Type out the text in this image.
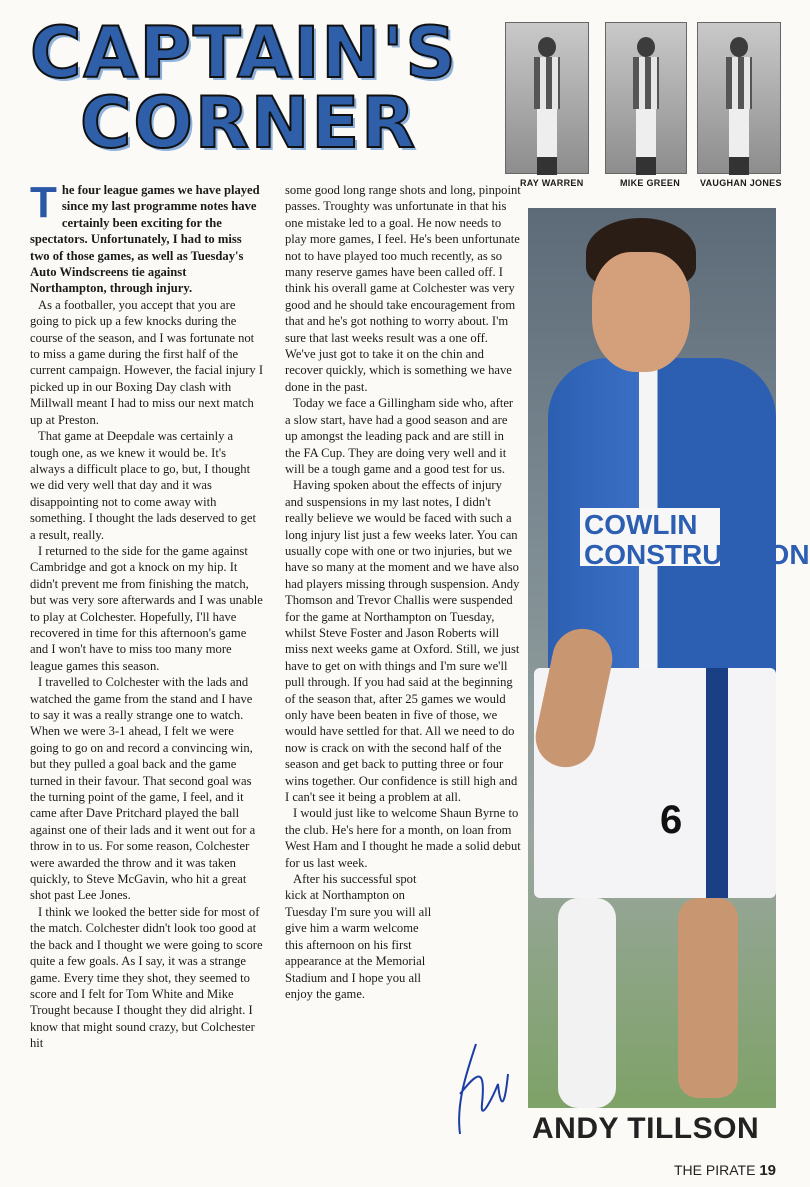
CAPTAIN'S
CORNER
RAY WARREN	MIKE GREEN VAUGHAN JONES

The four league games we have played since my last programme notes have certainly been exciting for the spectators. Unfortunately, I had to miss two of those games, as well as Tuesday's Auto Windscreens tie against Northampton, through injury.

As a footballer, you accept that you are going to pick up a few knocks during the course of the season, and I was fortunate not to miss a game during the first half of the current campaign. However, the facial injury I picked up in our Boxing Day clash with Millwall meant I had to miss our next match up at Preston.

That game at Deepdale was certainly a tough one, as we knew it would be. It's always a difficult place to go, but, I thought we did very well that day and it was disappointing not to come away with something. I thought the lads deserved to get a result, really.

I returned to the side for the game against Cambridge and got a knock on my hip. It didn't prevent me from finishing the match, but was very sore afterwards and I was unable to play at Colchester. Hopefully, I'll have recovered in time for this afternoon's game and I won't have to miss too many more league games this season.

I travelled to Colchester with the lads and watched the game from the stand and I have to say it was a really strange one to watch. When we were 3-1 ahead, I felt we were going to go on and record a convincing win, but they pulled a goal back and the game turned in their favour. That second goal was the turning point of the game, I feel, and it came after Dave Pritchard played the ball against one of their lads and it went out for a throw in to us. For some reason, Colchester were awarded the throw and it was taken quickly, to Steve McGavin, who hit a great shot past Lee Jones.

I think we looked the better side for most of the match. Colchester didn't look too good at the back and I thought we were going to score quite a few goals. As I say, it was a strange game. Every time they shot, they seemed to score and I felt for Tom White and Mike Trought because I thought they did alright. I know that might sound crazy, but Colchester hit

some good long range shots and long, pinpoint passes. Troughty was unfortunate in that his one mistake led to a goal. He now needs to play more games, I feel. He's been unfortunate not to have played too much recently, as so many reserve games have been called off. I think his overall game at Colchester was very good and he should take encouragement from that and he's got nothing to worry about. I'm sure that last weeks result was a one off. We've just got to take it on the chin and recover quickly, which is something we have done in the past.

Today we face a Gillingham side who, after a slow start, have had a good season and are up amongst the leading pack and are still in the FA Cup. They are doing very well and it will be a tough game and a good test for us.

Having spoken about the effects of injury and suspensions in my last notes, I didn't really believe we would be faced with such a long injury list just a few weeks later. You can usually cope with one or two injuries, but we have so many at the moment and we have also had players missing through suspension. Andy Thomson and Trevor Challis were suspended for the game at Northampton on Tuesday, whilst Steve Foster and Jason Roberts will miss next weeks game at Oxford. Still, we just have to get on with things and I'm sure we'll pull through. If you had said at the beginning of the season that, after 25 games we would only have been beaten in five of those, we would have settled for that. All we need to do now is crack on with the second half of the season and get back to putting three or four wins together. Our confidence is still high and I can't see it being a problem at all.

I would just like to welcome Shaun Byrne to the club. He's here for a month, on loan from West Ham and I thought he made a solid debut for us last week.

After his successful spot kick at Northampton on Tuesday I'm sure you will all give him a warm welcome this afternoon on his first appearance at the Memorial Stadium and I hope you all enjoy the game.

COWLIN CONSTRUCTION
6
ANDY TILLSON
THE PIRATE 19
